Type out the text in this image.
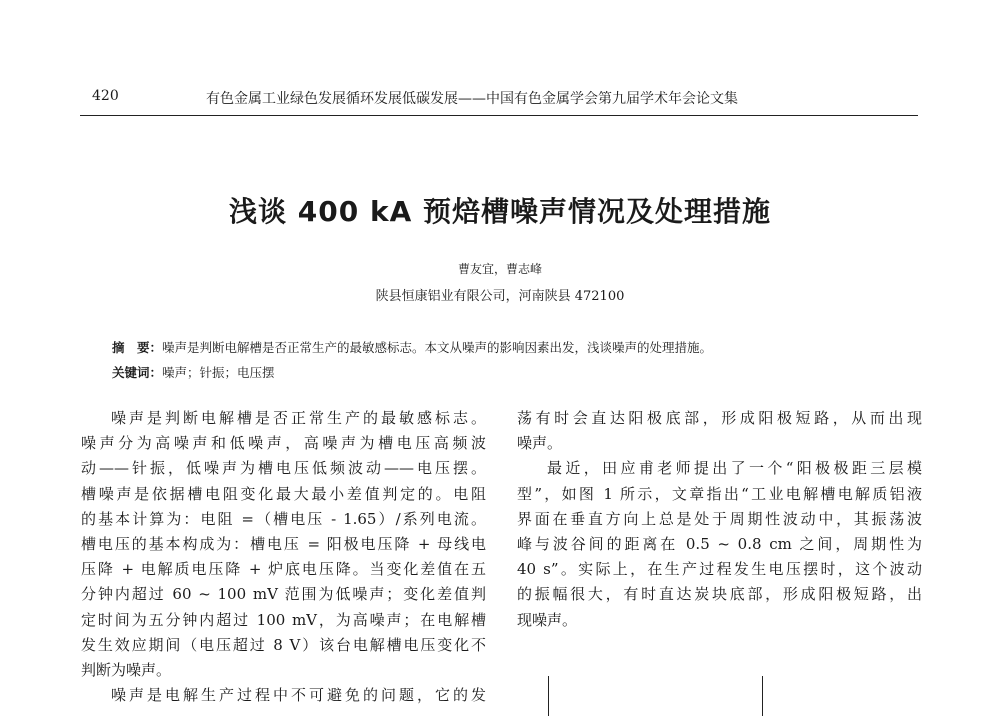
420	有色金属工业绿色发展循环发展低碳发展——中国有色金属学会第九届学术年会论文集
浅谈 400 kA 预焙槽噪声情况及处理措施
曹友宜，曹志峰
陕县恒康铝业有限公司，河南陕县 472100
摘　要：噪声是判断电解槽是否正常生产的最敏感标志。本文从噪声的影响因素出发，浅谈噪声的处理措施。
关键词：噪声；针振；电压摆
噪声是判断电解槽是否正常生产的最敏感标志。
噪声分为高噪声和低噪声，高噪声为槽电压高频波
动——针振，低噪声为槽电压低频波动——电压摆。
槽噪声是依据槽电阻变化最大最小差值判定的。电阻
的基本计算为：电阻 =（槽电压 - 1.65）/系列电流。
槽电压的基本构成为：槽电压 = 阳极电压降 + 母线电
压降 + 电解质电压降 + 炉底电压降。当变化差值在五
分钟内超过 60 ~ 100 mV 范围为低噪声；变化差值判
定时间为五分钟内超过 100 mV，为高噪声；在电解槽
发生效应期间（电压超过 8 V）该台电解槽电压变化不
判断为噪声。
噪声是电解生产过程中不可避免的问题，它的发
荡有时会直达阳极底部，形成阳极短路，从而出现
噪声。
最近，田应甫老师提出了一个“阳极极距三层模
型”，如图 1 所示，文章指出“工业电解槽电解质铝液
界面在垂直方向上总是处于周期性波动中，其振荡波
峰与波谷间的距离在 0.5 ~ 0.8 cm 之间，周期性为
40 s”。实际上，在生产过程发生电压摆时，这个波动
的振幅很大，有时直达炭块底部，形成阳极短路，出
现噪声。
